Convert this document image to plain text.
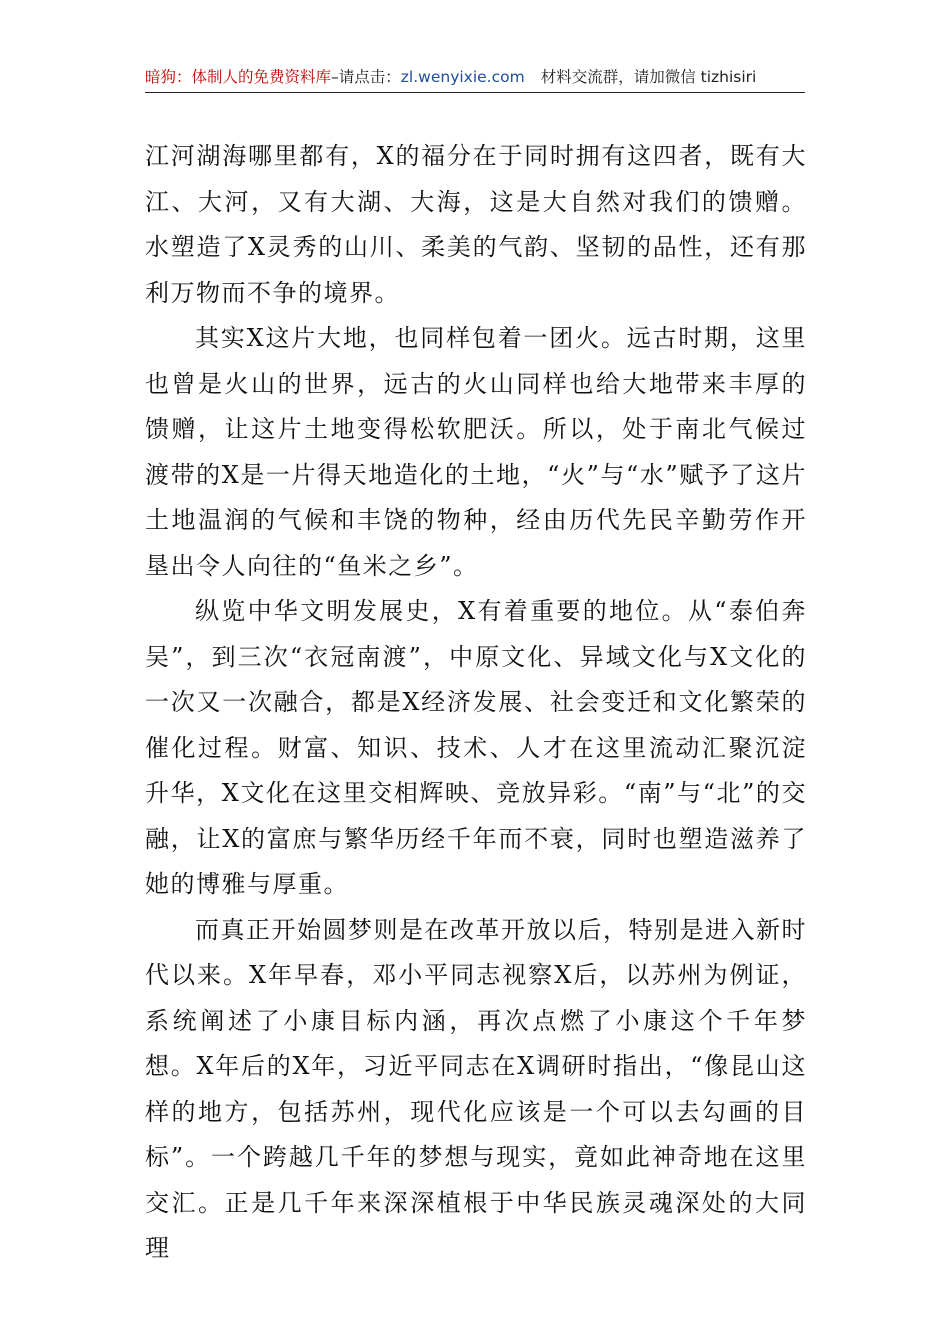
暗狗：体制人的免费资料库–请点击：zl.wenyixie.com 材料交流群，请加微信 tizhisiri

江河湖海哪里都有，X的福分在于同时拥有这四者，既有大江、大河，又有大湖、大海，这是大自然对我们的馈赠。水塑造了X灵秀的山川、柔美的气韵、坚韧的品性，还有那利万物而不争的境界。

其实X这片大地，也同样包着一团火。远古时期，这里也曾是火山的世界，远古的火山同样也给大地带来丰厚的馈赠，让这片土地变得松软肥沃。所以，处于南北气候过渡带的X是一片得天地造化的土地，“火”与“水”赋予了这片土地温润的气候和丰饶的物种，经由历代先民辛勤劳作开垦出令人向往的“鱼米之乡”。

纵览中华文明发展史，X有着重要的地位。从“泰伯奔吴”，到三次“衣冠南渡”，中原文化、异域文化与X文化的一次又一次融合，都是X经济发展、社会变迁和文化繁荣的催化过程。财富、知识、技术、人才在这里流动汇聚沉淀升华，X文化在这里交相辉映、竞放异彩。“南”与“北”的交融，让X的富庶与繁华历经千年而不衰，同时也塑造滋养了她的博雅与厚重。

而真正开始圆梦则是在改革开放以后，特别是进入新时代以来。X年早春，邓小平同志视察X后，以苏州为例证，系统阐述了小康目标内涵，再次点燃了小康这个千年梦想。X年后的X年，习近平同志在X调研时指出，“像昆山这样的地方，包括苏州，现代化应该是一个可以去勾画的目标”。一个跨越几千年的梦想与现实，竟如此神奇地在这里交汇。正是几千年来深深植根于中华民族灵魂深处的大同理
